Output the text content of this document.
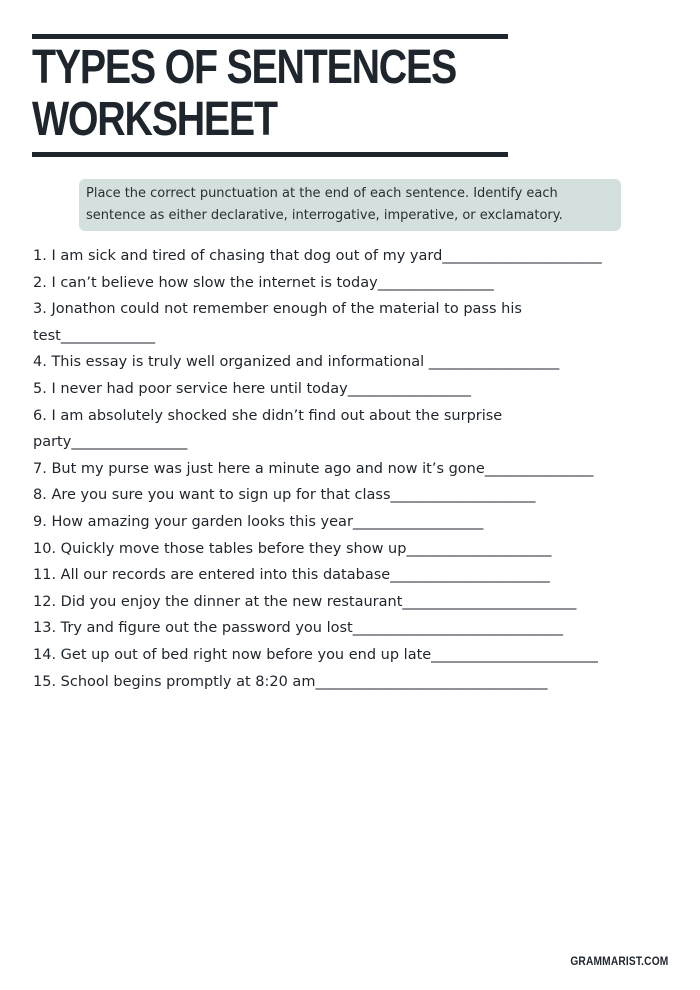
TYPES OF SENTENCES
WORKSHEET
Place the correct punctuation at the end of each sentence. Identify each sentence as either declarative, interrogative, imperative, or exclamatory.
1. I am sick and tired of chasing that dog out of my yard______________________
2. I can’t believe how slow the internet is today________________
3. Jonathon could not remember enough of the material to pass his
test_____________
4. This essay is truly well organized and informational __________________
5. I never had poor service here until today_________________
6. I am absolutely shocked she didn’t find out about the surprise
party________________
7. But my purse was just here a minute ago and now it’s gone_______________
8. Are you sure you want to sign up for that class____________________
9. How amazing your garden looks this year__________________
10. Quickly move those tables before they show up____________________
11. All our records are entered into this database______________________
12. Did you enjoy the dinner at the new restaurant________________________
13. Try and figure out the password you lost_____________________________
14. Get up out of bed right now before you end up late_______________________
15. School begins promptly at 8:20 am________________________________
GRAMMARIST.COM
